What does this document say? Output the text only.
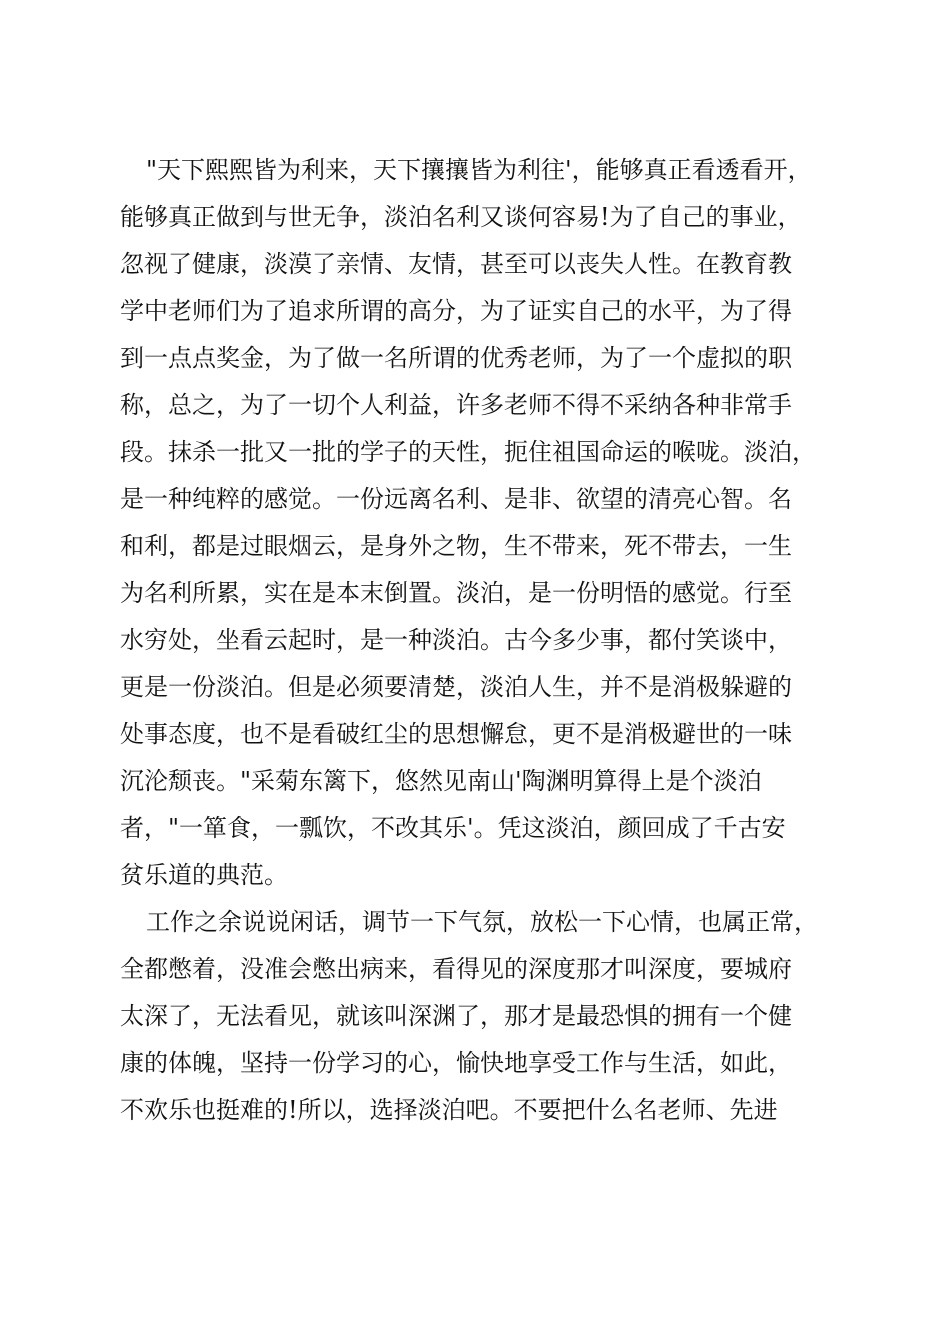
"天下熙熙皆为利来，天下攘攘皆为利往'，能够真正看透看开，
能够真正做到与世无争，淡泊名利又谈何容易!为了自己的事业，
忽视了健康，淡漠了亲情、友情，甚至可以丧失人性。在教育教
学中老师们为了追求所谓的高分，为了证实自己的水平，为了得
到一点点奖金，为了做一名所谓的优秀老师，为了一个虚拟的职
称，总之，为了一切个人利益，许多老师不得不采纳各种非常手
段。抹杀一批又一批的学子的天性，扼住祖国命运的喉咙。淡泊，
是一种纯粹的感觉。一份远离名利、是非、欲望的清亮心智。名
和利，都是过眼烟云，是身外之物，生不带来，死不带去，一生
为名利所累，实在是本末倒置。淡泊，是一份明悟的感觉。行至
水穷处，坐看云起时，是一种淡泊。古今多少事，都付笑谈中，
更是一份淡泊。但是必须要清楚，淡泊人生，并不是消极躲避的
处事态度，也不是看破红尘的思想懈怠，更不是消极避世的一味
沉沦颓丧。"采菊东篱下，悠然见南山'陶渊明算得上是个淡泊
者，"一箪食，一瓢饮，不改其乐'。凭这淡泊，颜回成了千古安
贫乐道的典范。
工作之余说说闲话，调节一下气氛，放松一下心情，也属正常，
全都憋着，没准会憋出病来，看得见的深度那才叫深度，要城府
太深了，无法看见，就该叫深渊了，那才是最恐惧的拥有一个健
康的体魄，坚持一份学习的心，愉快地享受工作与生活，如此，
不欢乐也挺难的!所以，选择淡泊吧。不要把什么名老师、先进
